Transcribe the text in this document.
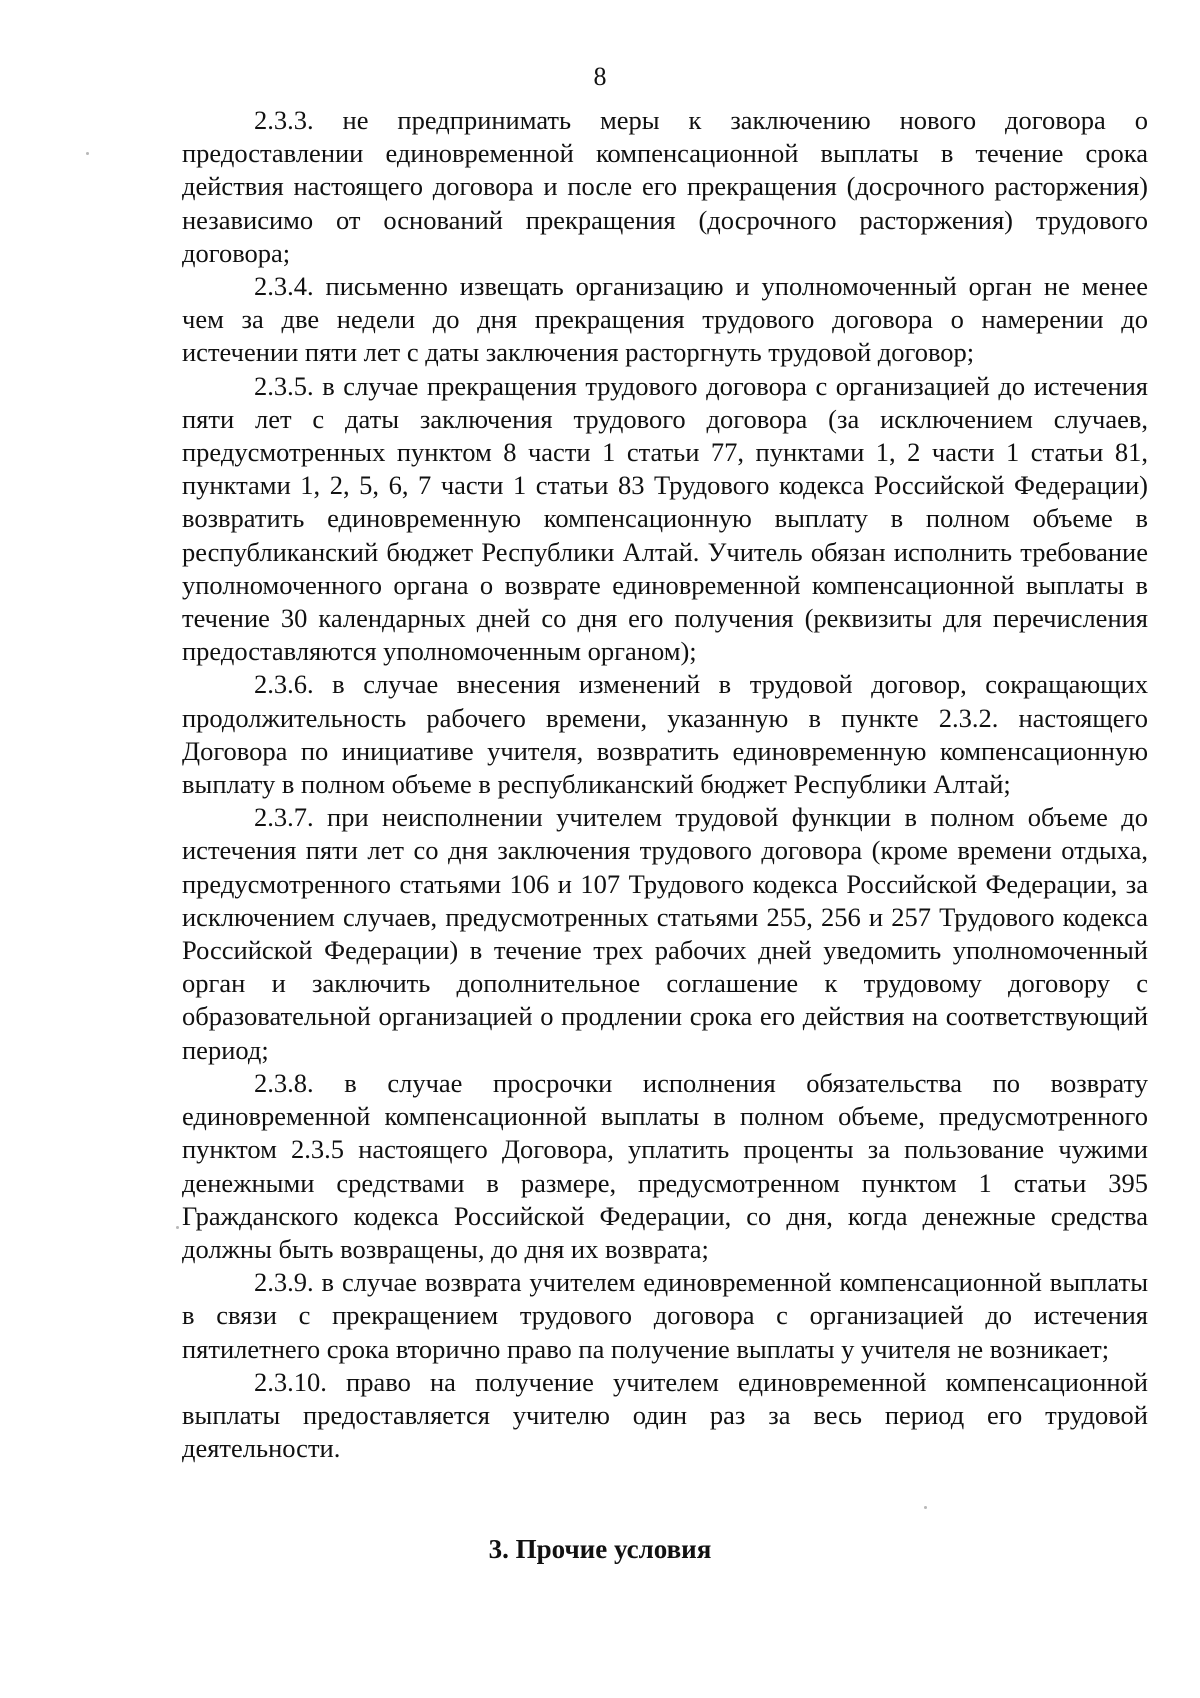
8

2.3.3. не предпринимать меры к заключению нового договора о предоставлении единовременной компенсационной выплаты в течение срока действия настоящего договора и после его прекращения (досрочного расторжения) независимо от оснований прекращения (досрочного расторжения) трудового договора;

2.3.4. письменно извещать организацию и уполномоченный орган не менее чем за две недели до дня прекращения трудового договора о намерении до истечении пяти лет с даты заключения расторгнуть трудовой договор;

2.3.5. в случае прекращения трудового договора с организацией до истечения пяти лет с даты заключения трудового договора (за исключением случаев, предусмотренных пунктом 8 части 1 статьи 77, пунктами 1, 2 части 1 статьи 81, пунктами 1, 2, 5, 6, 7 части 1 статьи 83 Трудового кодекса Российской Федерации) возвратить единовременную компенсационную выплату в полном объеме в республиканский бюджет Республики Алтай. Учитель обязан исполнить требование уполномоченного органа о возврате единовременной компенсационной выплаты в течение 30 календарных дней со дня его получения (реквизиты для перечисления предоставляются уполномоченным органом);

2.3.6. в случае внесения изменений в трудовой договор, сокращающих продолжительность рабочего времени, указанную в пункте 2.3.2. настоящего Договора по инициативе учителя, возвратить единовременную компенсационную выплату в полном объеме в республиканский бюджет Республики Алтай;

2.3.7. при неисполнении учителем трудовой функции в полном объеме до истечения пяти лет со дня заключения трудового договора (кроме времени отдыха, предусмотренного статьями 106 и 107 Трудового кодекса Российской Федерации, за исключением случаев, предусмотренных статьями 255, 256 и 257 Трудового кодекса Российской Федерации) в течение трех рабочих дней уведомить уполномоченный орган и заключить дополнительное соглашение к трудовому договору с образовательной организацией о продлении срока его действия на соответствующий период;

2.3.8. в случае просрочки исполнения обязательства по возврату единовременной компенсационной выплаты в полном объеме, предусмотренного пунктом 2.3.5 настоящего Договора, уплатить проценты за пользование чужими денежными средствами в размере, предусмотренном пунктом 1 статьи 395 Гражданского кодекса Российской Федерации, со дня, когда денежные средства должны быть возвращены, до дня их возврата;

2.3.9. в случае возврата учителем единовременной компенсационной выплаты в связи с прекращением трудового договора с организацией до истечения пятилетнего срока вторично право па получение выплаты у учителя не возникает;

2.3.10. право на получение учителем единовременной компенсационной выплаты предоставляется учителю один раз за весь период его трудовой деятельности.

3. Прочие условия
